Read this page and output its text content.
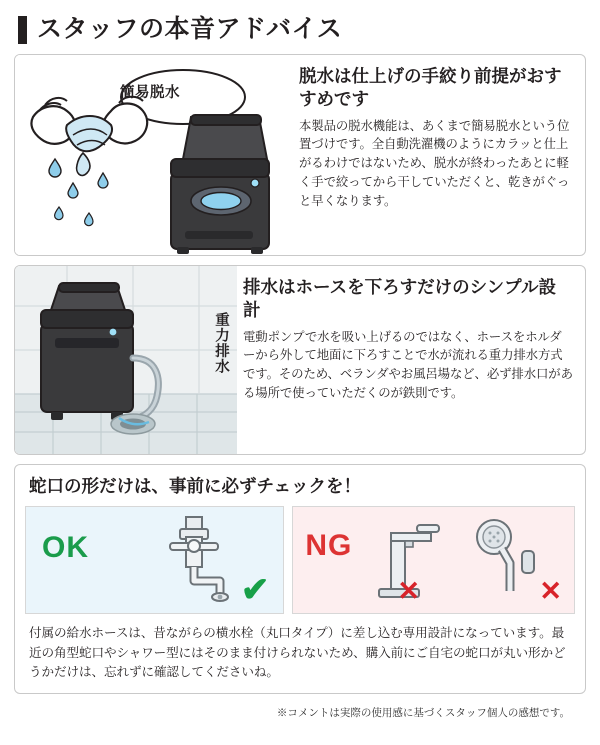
スタッフの本音アドバイス
簡易脱水
脱水は仕上げの手絞り前提がおすすめです

本製品の脱水機能は、あくまで簡易脱水という位置づけです。全自動洗濯機のようにカラッと仕上がるわけではないため、脱水が終わったあとに軽く手で絞ってから干していただくと、乾きがぐっと早くなります。

重力排水
排水はホースを下ろすだけのシンプル設計

電動ポンプで水を吸い上げるのではなく、ホースをホルダーから外して地面に下ろすことで水が流れる重力排水方式です。そのため、ベランダやお風呂場など、必ず排水口がある場所で使っていただくのが鉄則です。

蛇口の形だけは、事前に必ずチェックを！
OK
✔
NG
✕	✕
付属の給水ホースは、昔ながらの横水栓（丸口タイプ）に差し込む専用設計になっています。最近の角型蛇口やシャワー型にはそのまま付けられないため、購入前にご自宅の蛇口が丸い形かどうかだけは、忘れずに確認してくださいね。
※コメントは実際の使用感に基づくスタッフ個人の感想です。
